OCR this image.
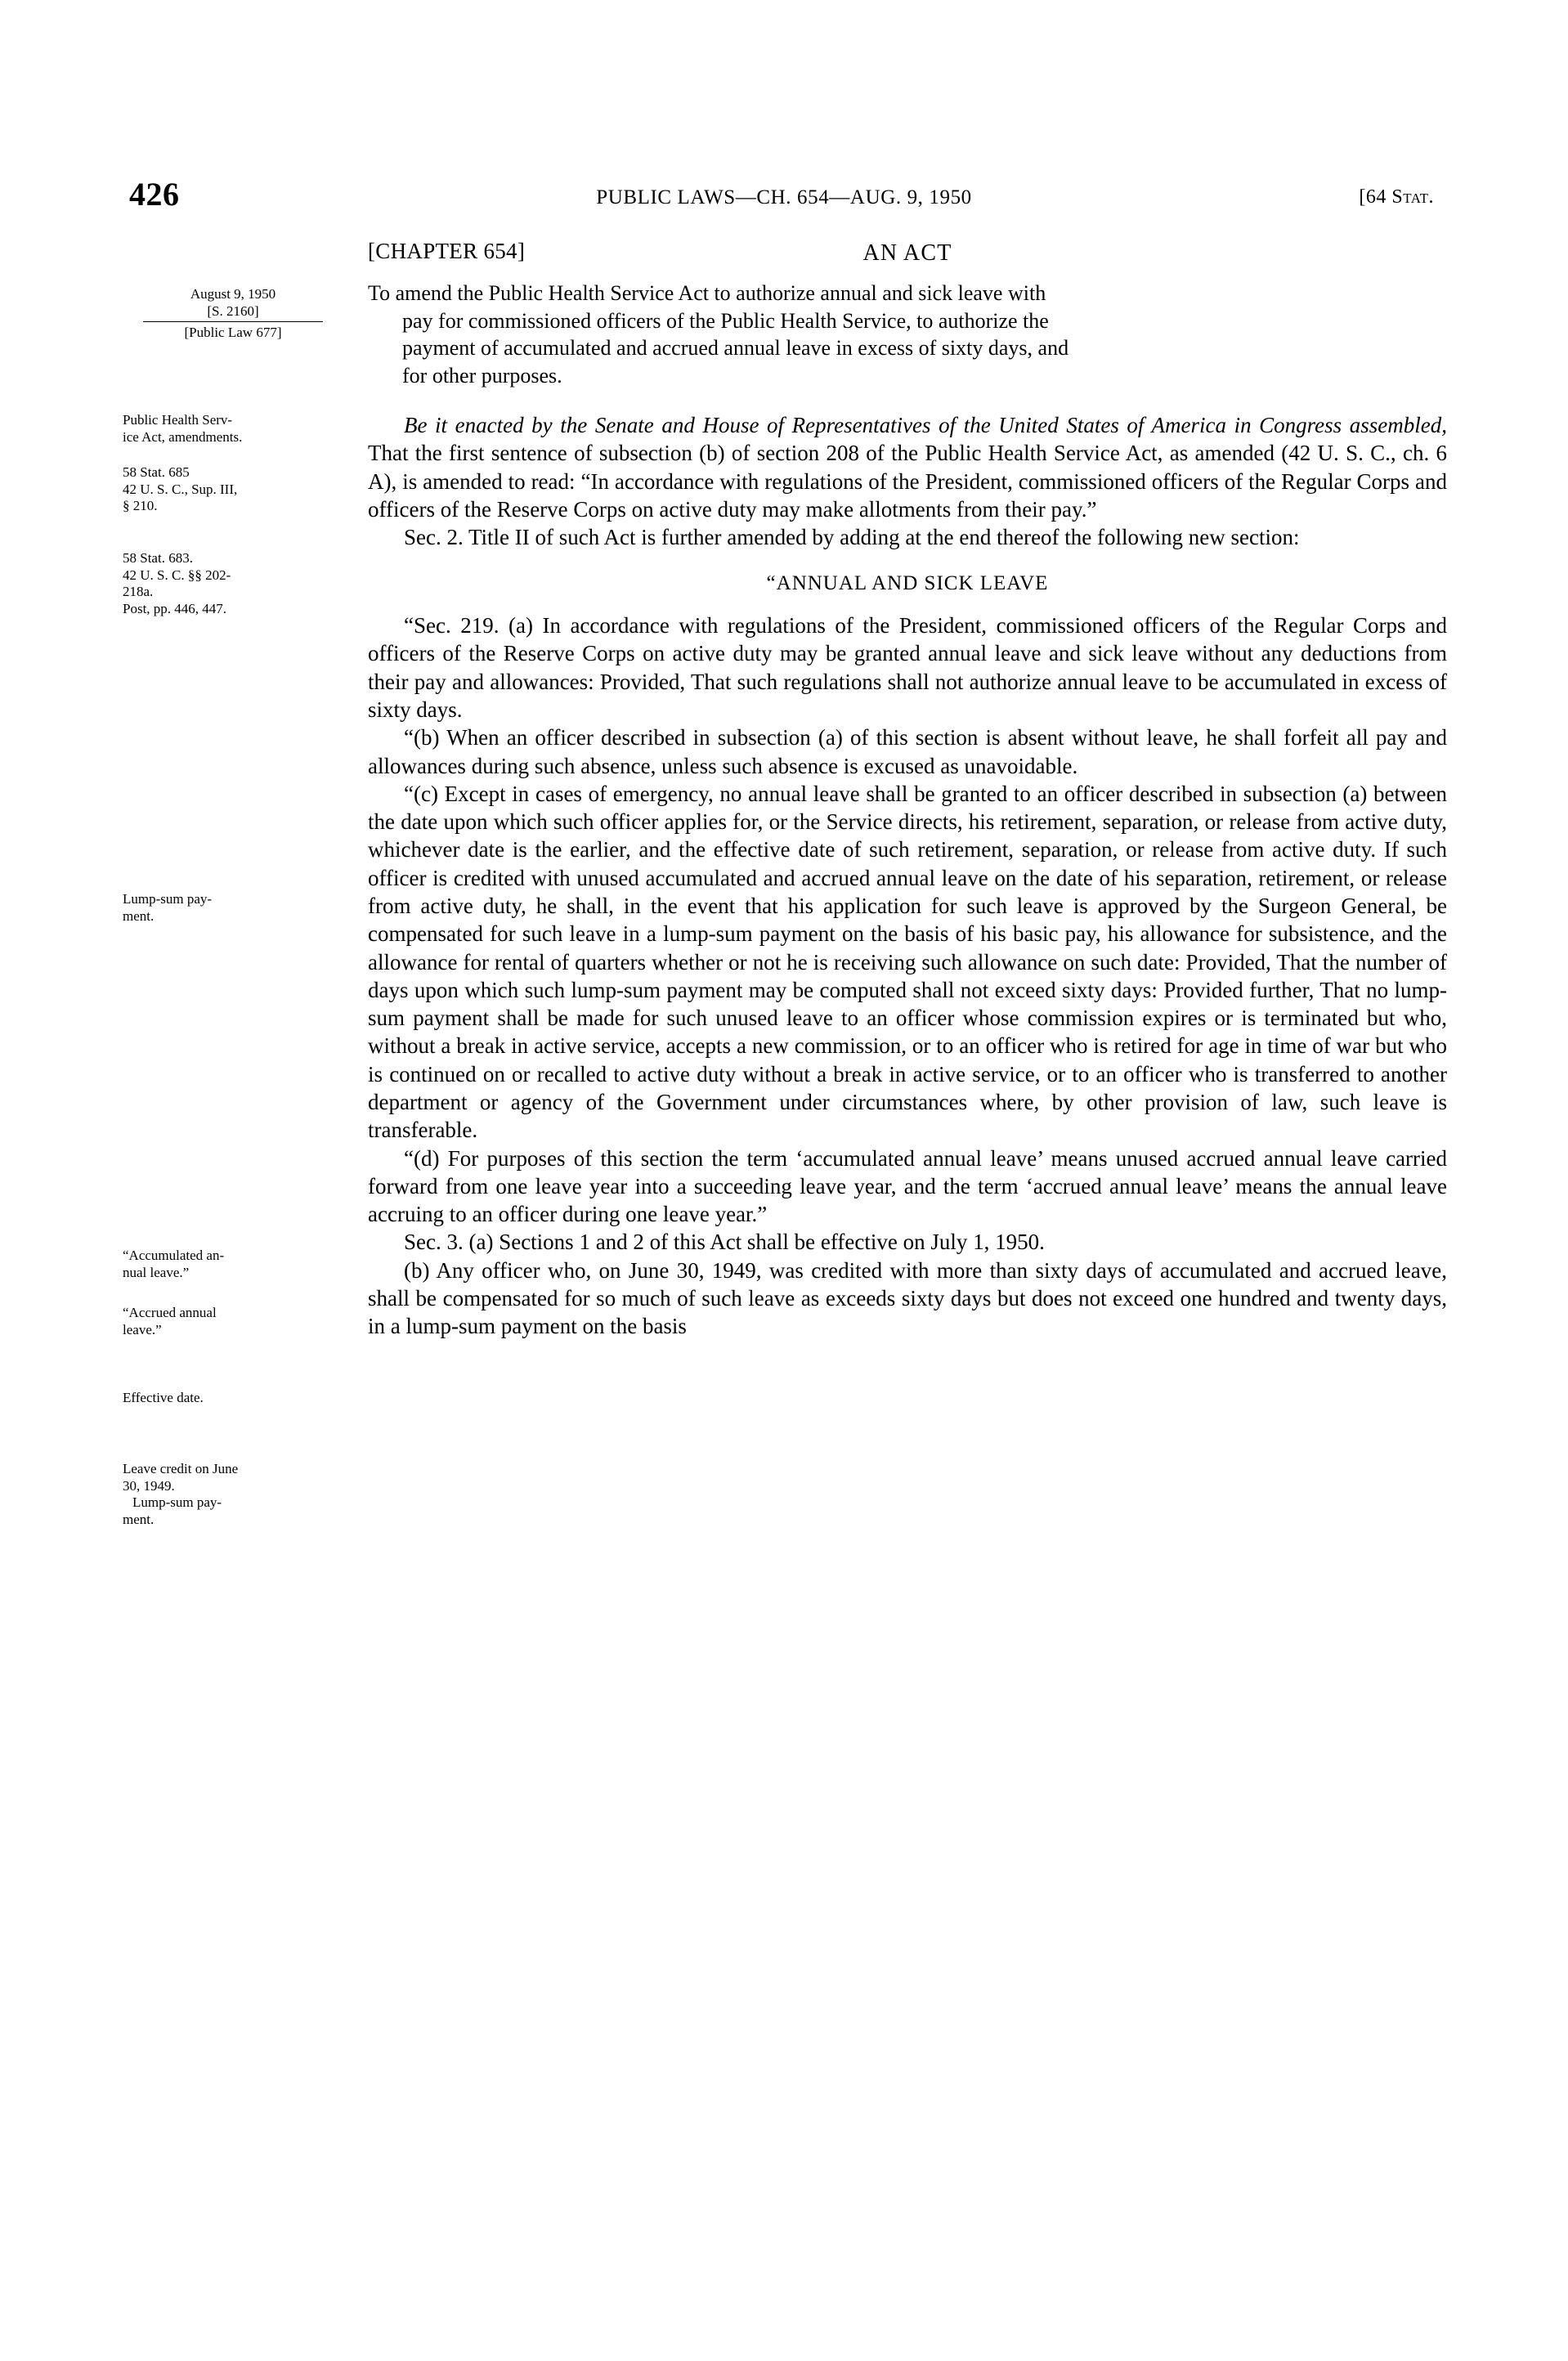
426	PUBLIC LAWS—CH. 654—AUG. 9, 1950	[64 Stat.
August 9, 1950
[S. 2160]
[Public Law 677]
Public Health Serv-
ice Act, amendments.
58 Stat. 685
42 U. S. C., Sup. III,
§ 210.
58 Stat. 683.
42 U. S. C. §§ 202-
218a.
Post, pp. 446, 447.
Lump-sum pay-
ment.
“Accumulated an-
nual leave.”
“Accrued annual
leave.”
Effective date.
Leave credit on June
30, 1949.
Lump-sum pay-
ment.
[CHAPTER 654]	AN ACT
To amend the Public Health Service Act to authorize annual and sick leave with
pay for commissioned officers of the Public Health Service, to authorize the
payment of accumulated and accrued annual leave in excess of sixty days, and
for other purposes.

Be it enacted by the Senate and House of Representatives of the United States of America in Congress assembled, That the first sentence of subsection (b) of section 208 of the Public Health Service Act, as amended (42 U. S. C., ch. 6 A), is amended to read: “In accordance with regulations of the President, commissioned officers of the Regular Corps and officers of the Reserve Corps on active duty may make allotments from their pay.”

Sec. 2. Title II of such Act is further amended by adding at the end thereof the following new section:

“ANNUAL AND SICK LEAVE

“Sec. 219. (a) In accordance with regulations of the President, commissioned officers of the Regular Corps and officers of the Reserve Corps on active duty may be granted annual leave and sick leave without any deductions from their pay and allowances: Provided, That such regulations shall not authorize annual leave to be accumulated in excess of sixty days.

“(b) When an officer described in subsection (a) of this section is absent without leave, he shall forfeit all pay and allowances during such absence, unless such absence is excused as unavoidable.

“(c) Except in cases of emergency, no annual leave shall be granted to an officer described in subsection (a) between the date upon which such officer applies for, or the Service directs, his retirement, separation, or release from active duty, whichever date is the earlier, and the effective date of such retirement, separation, or release from active duty. If such officer is credited with unused accumulated and accrued annual leave on the date of his separation, retirement, or release from active duty, he shall, in the event that his application for such leave is approved by the Surgeon General, be compensated for such leave in a lump-sum payment on the basis of his basic pay, his allowance for subsistence, and the allowance for rental of quarters whether or not he is receiving such allowance on such date: Provided, That the number of days upon which such lump-sum payment may be computed shall not exceed sixty days: Provided further, That no lump-sum payment shall be made for such unused leave to an officer whose commission expires or is terminated but who, without a break in active service, accepts a new commission, or to an officer who is retired for age in time of war but who is continued on or recalled to active duty without a break in active service, or to an officer who is transferred to another department or agency of the Government under circumstances where, by other provision of law, such leave is transferable.

“(d) For purposes of this section the term ‘accumulated annual leave’ means unused accrued annual leave carried forward from one leave year into a succeeding leave year, and the term ‘accrued annual leave’ means the annual leave accruing to an officer during one leave year.”

Sec. 3. (a) Sections 1 and 2 of this Act shall be effective on July 1, 1950.

(b) Any officer who, on June 30, 1949, was credited with more than sixty days of accumulated and accrued leave, shall be compensated for so much of such leave as exceeds sixty days but does not exceed one hundred and twenty days, in a lump-sum payment on the basis
